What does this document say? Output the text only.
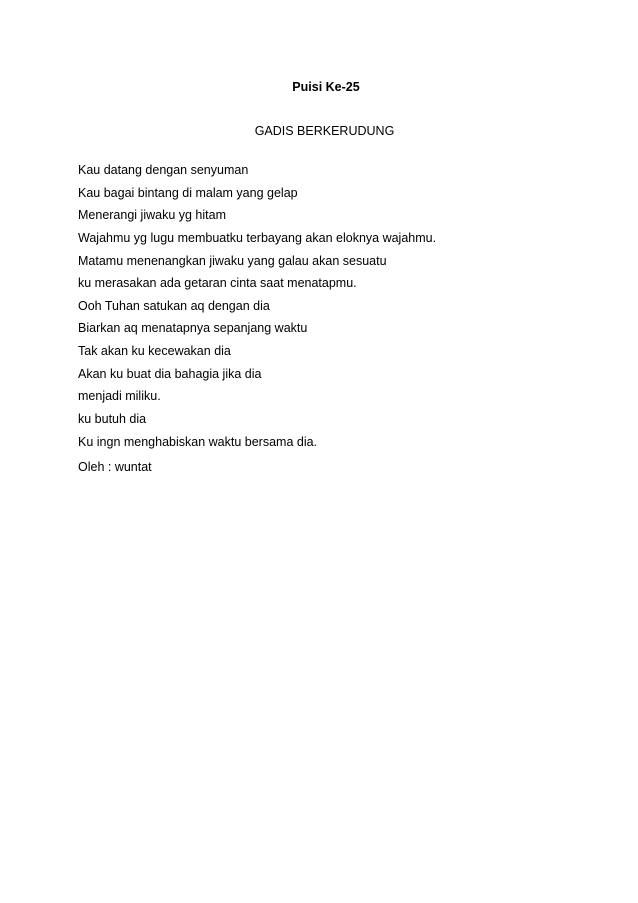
Puisi Ke-25
GADIS BERKERUDUNG
Kau datang dengan senyuman
Kau bagai bintang di malam yang gelap
Menerangi jiwaku yg hitam
Wajahmu yg lugu membuatku terbayang akan eloknya wajahmu.
Matamu menenangkan jiwaku yang galau akan sesuatu
ku merasakan ada getaran cinta saat menatapmu.
Ooh Tuhan satukan aq dengan dia
Biarkan aq menatapnya sepanjang waktu
Tak akan ku kecewakan dia
Akan ku buat dia bahagia jika dia
menjadi miliku.
ku butuh dia
Ku ingn menghabiskan waktu bersama dia.
Oleh : wuntat
